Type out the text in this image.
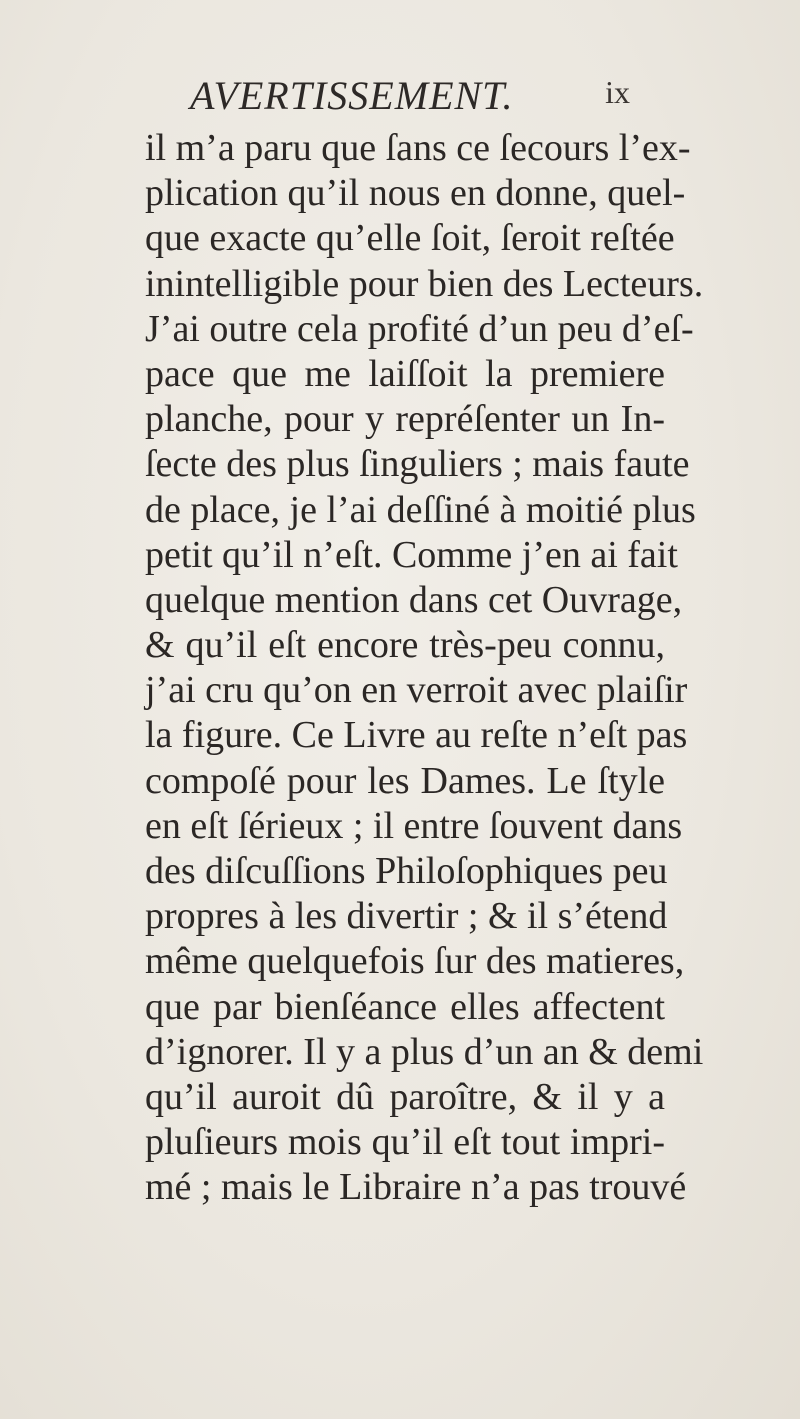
AVERTISSEMENT.	ix
il m’a paru que ſans ce ſecours l’ex-
plication qu’il nous en donne, quel-
que exacte qu’elle ſoit, ſeroit reſtée
inintelligible pour bien des Lecteurs.
J’ai outre cela profité d’un peu d’eſ-
pace que me laiſſoit la premiere
planche, pour y repréſenter un In-
ſecte des plus ſinguliers ; mais faute
de place, je l’ai deſſiné à moitié plus
petit qu’il n’eſt. Comme j’en ai fait
quelque mention dans cet Ouvrage,
& qu’il eſt encore très-peu connu,
j’ai cru qu’on en verroit avec plaiſir
la figure. Ce Livre au reſte n’eſt pas
compoſé pour les Dames. Le ſtyle
en eſt ſérieux ; il entre ſouvent dans
des diſcuſſions Philoſophiques peu
propres à les divertir ; & il s’étend
même quelquefois ſur des matieres,
que par bienſéance elles affectent
d’ignorer. Il y a plus d’un an & demi
qu’il auroit dû paroître, & il y a
pluſieurs mois qu’il eſt tout impri-
mé ; mais le Libraire n’a pas trouvé
